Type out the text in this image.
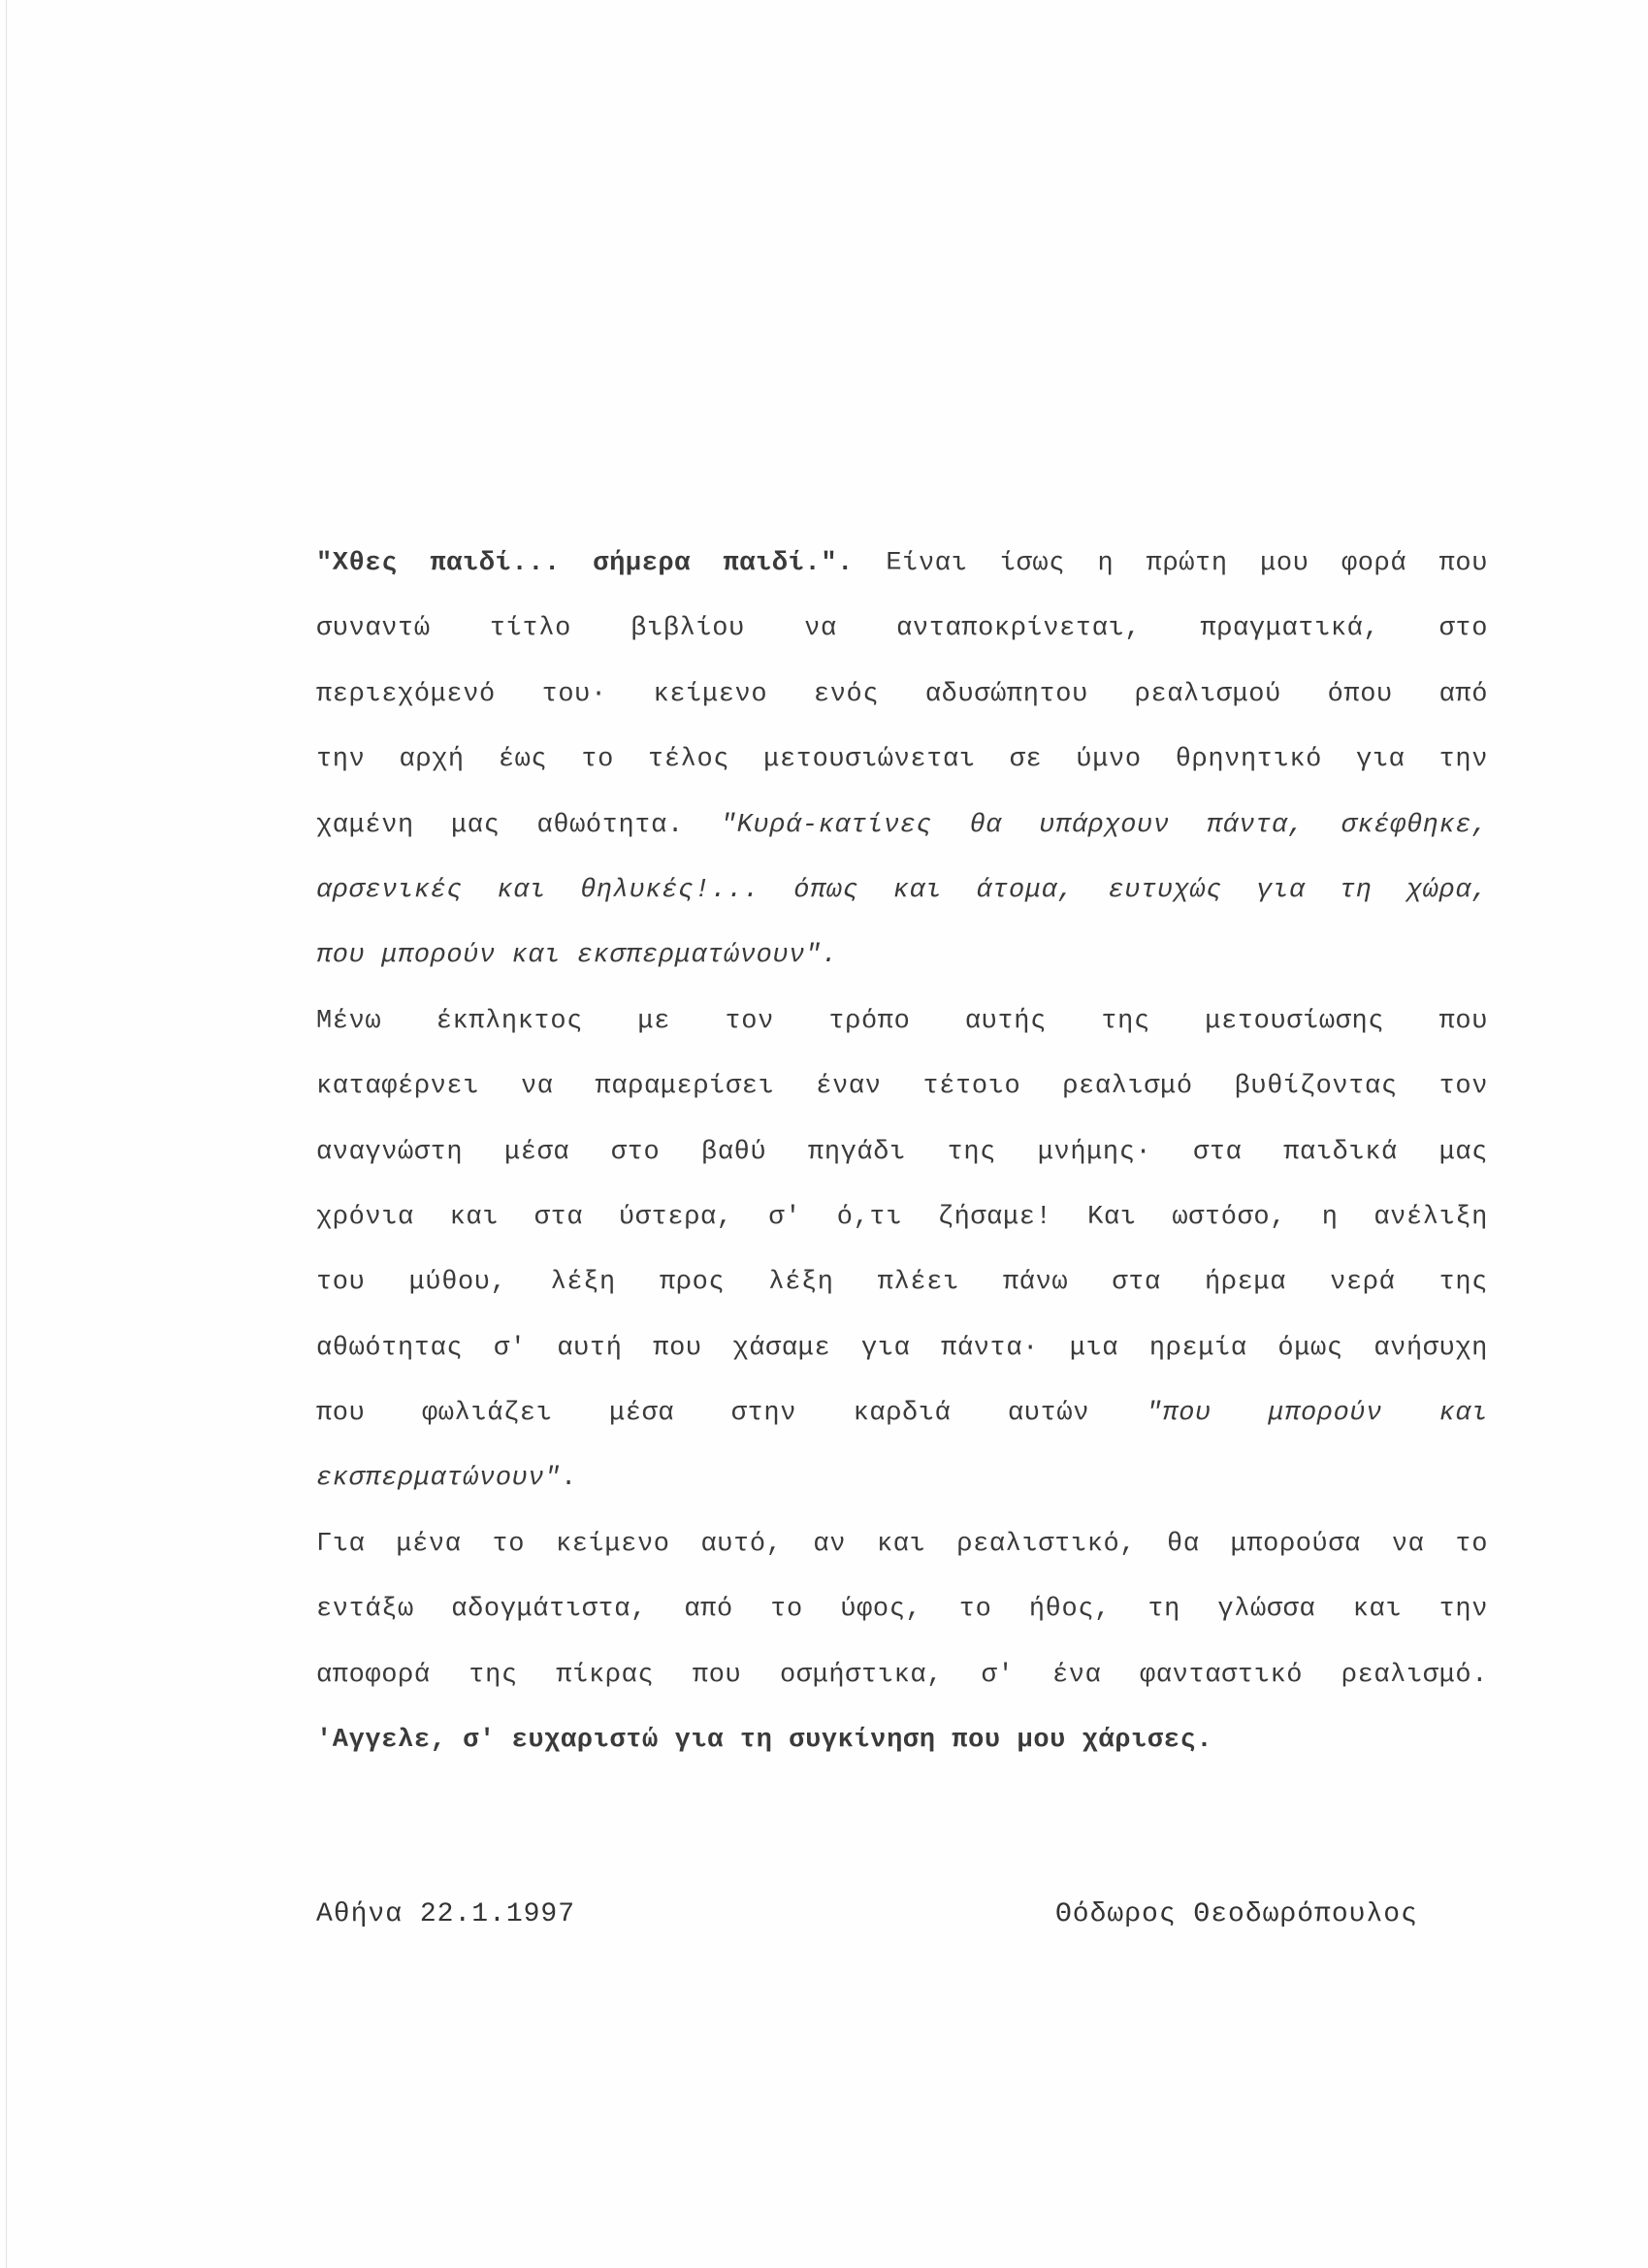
"Χθες παιδί... σήμερα παιδί.". Είναι ίσως η πρώτη μου φορά που
συναντώ τίτλο βιβλίου να ανταποκρίνεται, πραγματικά, στο
περιεχόμενό του· κείμενο ενός αδυσώπητου ρεαλισμού όπου από
την αρχή έως το τέλος μετουσιώνεται σε ύμνο θρηνητικό για την
χαμένη μας αθωότητα. "Κυρά-κατίνες θα υπάρχουν πάντα, σκέφθηκε,
αρσενικές και θηλυκές!... όπως και άτομα, ευτυχώς για τη χώρα,
που μπορούν και εκσπερματώνουν".
Μένω έκπληκτος με τον τρόπο αυτής της μετουσίωσης που
καταφέρνει να παραμερίσει έναν τέτοιο ρεαλισμό βυθίζοντας τον
αναγνώστη μέσα στο βαθύ πηγάδι της μνήμης· στα παιδικά μας
χρόνια και στα ύστερα, σ' ό,τι ζήσαμε! Και ωστόσο, η ανέλιξη
του μύθου, λέξη προς λέξη πλέει πάνω στα ήρεμα νερά της
αθωότητας σ' αυτή που χάσαμε για πάντα· μια ηρεμία όμως ανήσυχη
που φωλιάζει μέσα στην καρδιά αυτών "που μπορούν και
εκσπερματώνουν".
Για μένα το κείμενο αυτό, αν και ρεαλιστικό, θα μπορούσα να το
εντάξω αδογμάτιστα, από το ύφος, το ήθος, τη γλώσσα και την
αποφορά της πίκρας που οσμήστικα, σ' ένα φανταστικό ρεαλισμό.
'Αγγελε, σ' ευχαριστώ για τη συγκίνηση που μου χάρισες.
Αθήνα 22.1.1997	Θόδωρος Θεοδωρόπουλος
